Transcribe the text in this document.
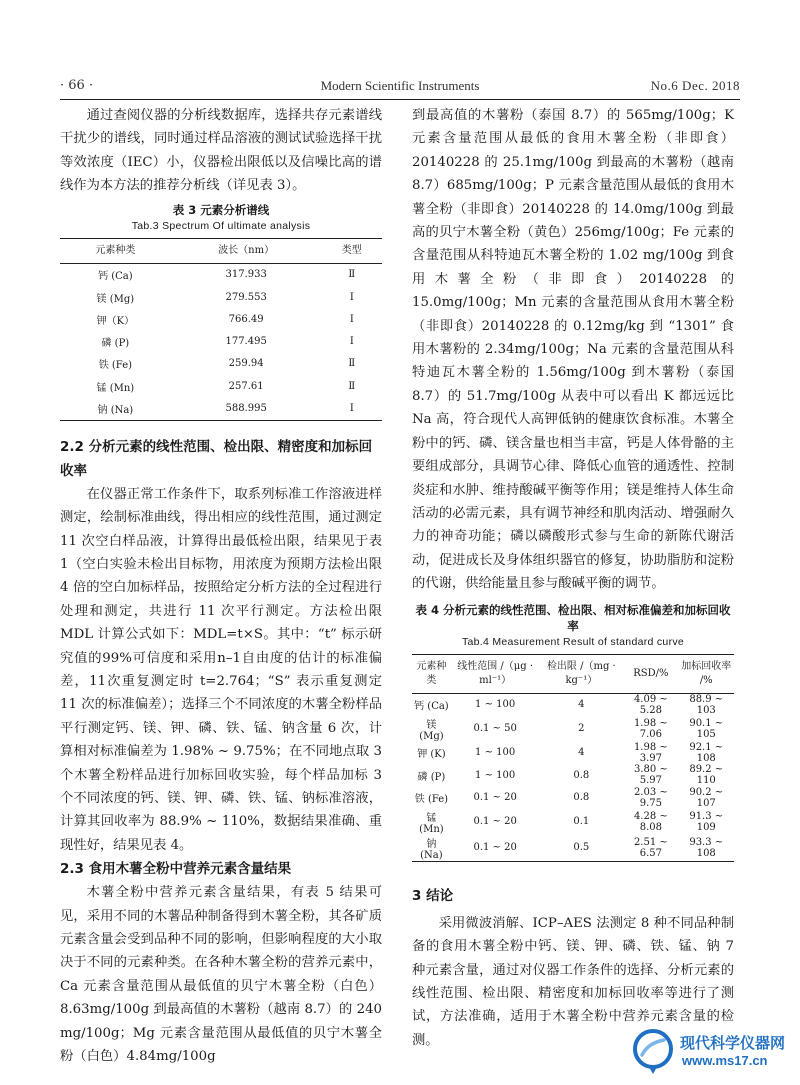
· 66 ·	Modern Scientific Instruments	No.6 Dec. 2018

通过查阅仪器的分析线数据库，选择共存元素谱线干扰少的谱线，同时通过样品溶液的测试试验选择干扰等效浓度（IEC）小，仪器检出限低以及信噪比高的谱线作为本方法的推荐分析线（详见表 3）。

表 3 元素分析谱线
Tab.3 Spectrum Of ultimate analysis
元素种类	波长（nm）	类型
钙 (Ca)	317.933	Ⅱ
镁 (Mg)	279.553	Ⅰ
钾（K）	766.49	Ⅰ
磷 (P)	177.495	Ⅰ
铁 (Fe)	259.94	Ⅱ
锰 (Mn)	257.61	Ⅱ
钠 (Na)	588.995	Ⅰ

2.2 分析元素的线性范围、检出限、精密度和加标回收率

在仪器正常工作条件下，取系列标准工作溶液进样测定，绘制标准曲线，得出相应的线性范围，通过测定 11 次空白样品液，计算得出最低检出限，结果见于表 1（空白实验未检出目标物，用浓度为预期方法检出限 4 倍的空白加标样品，按照给定分析方法的全过程进行处理和测定，共进行 11 次平行测定。方法检出限 MDL 计算公式如下：MDL=t×S。其中：“t” 标示研究值的99%可信度和采用n–1自由度的估计的标准偏差，11次重复测定时 t=2.764；“S” 表示重复测定 11 次的标准偏差）；选择三个不同浓度的木薯全粉样品平行测定钙、镁、钾、磷、铁、锰、钠含量 6 次，计算相对标准偏差为 1.98% ~ 9.75%；在不同地点取 3 个木薯全粉样品进行加标回收实验，每个样品加标 3 个不同浓度的钙、镁、钾、磷、铁、锰、钠标准溶液，计算其回收率为 88.9% ~ 110%，数据结果准确、重现性好，结果见表 4。

2.3 食用木薯全粉中营养元素含量结果

木薯全粉中营养元素含量结果，有表 5 结果可见，采用不同的木薯品种制备得到木薯全粉，其各矿质元素含量会受到品种不同的影响，但影响程度的大小取决于不同的元素种类。在各种木薯全粉的营养元素中，Ca 元素含量范围从最低值的贝宁木薯全粉（白色）8.63mg/100g 到最高值的木薯粉（越南 8.7）的 240 mg/100g；Mg 元素含量范围从最低值的贝宁木薯全粉（白色）4.84mg/100g

到最高值的木薯粉（泰国 8.7）的 565mg/100g；K 元素含量范围从最低的食用木薯全粉（非即食）20140228 的 25.1mg/100g 到最高的木薯粉（越南 8.7）685mg/100g；P 元素含量范围从最低的食用木薯全粉（非即食）20140228 的 14.0mg/100g 到最高的贝宁木薯全粉（黄色）256mg/100g；Fe 元素的含量范围从科特迪瓦木薯全粉的 1.02 mg/100g 到食用木薯全粉（非即食）20140228 的 15.0mg/100g；Mn 元素的含量范围从食用木薯全粉（非即食）20140228 的 0.12mg/kg 到 “1301” 食用木薯粉的 2.34mg/100g；Na 元素的含量范围从科特迪瓦木薯全粉的 1.56mg/100g 到木薯粉（泰国 8.7）的 51.7mg/100g 从表中可以看出 K 都远远比 Na 高，符合现代人高钾低钠的健康饮食标准。木薯全粉中的钙、磷、镁含量也相当丰富，钙是人体骨骼的主要组成部分，具调节心律、降低心血管的通透性、控制炎症和水肿、维持酸碱平衡等作用；镁是维持人体生命活动的必需元素，具有调节神经和肌肉活动、增强耐久力的神奇功能；磷以磷酸形式参与生命的新陈代谢活动，促进成长及身体组织器官的修复，协助脂肪和淀粉的代谢，供给能量且参与酸碱平衡的调节。

表 4 分析元素的线性范围、检出限、相对标准偏差和加标回收率
Tab.4 Measurement Result of standard curve
元素种类	线性范围 /（μg · ml⁻¹）	检出限 /（mg · kg⁻¹）	RSD/%	加标回收率 /%
钙 (Ca)	1 ~ 100	4	4.09 ~ 5.28	88.9 ~ 103
镁 (Mg)	0.1 ~ 50	2	1.98 ~ 7.06	90.1 ~ 105
钾 (K)	1 ~ 100	4	1.98 ~ 3.97	92.1 ~ 108
磷 (P)	1 ~ 100	0.8	3.80 ~ 5.97	89.2 ~ 110
铁 (Fe)	0.1 ~ 20	0.8	2.03 ~ 9.75	90.2 ~ 107
锰 (Mn)	0.1 ~ 20	0.1	4.28 ~ 8.08	91.3 ~ 109
钠 (Na)	0.1 ~ 20	0.5	2.51 ~ 6.57	93.3 ~ 108

3 结论

采用微波消解、ICP–AES 法测定 8 种不同品种制备的食用木薯全粉中钙、镁、钾、磷、铁、锰、钠 7 种元素含量，通过对仪器工作条件的选择、分析元素的线性范围、检出限、精密度和加标回收率等进行了测试，方法准确，适用于木薯全粉中营养元素含量的检测。	现代科学仪器网
www.ms17.cn
